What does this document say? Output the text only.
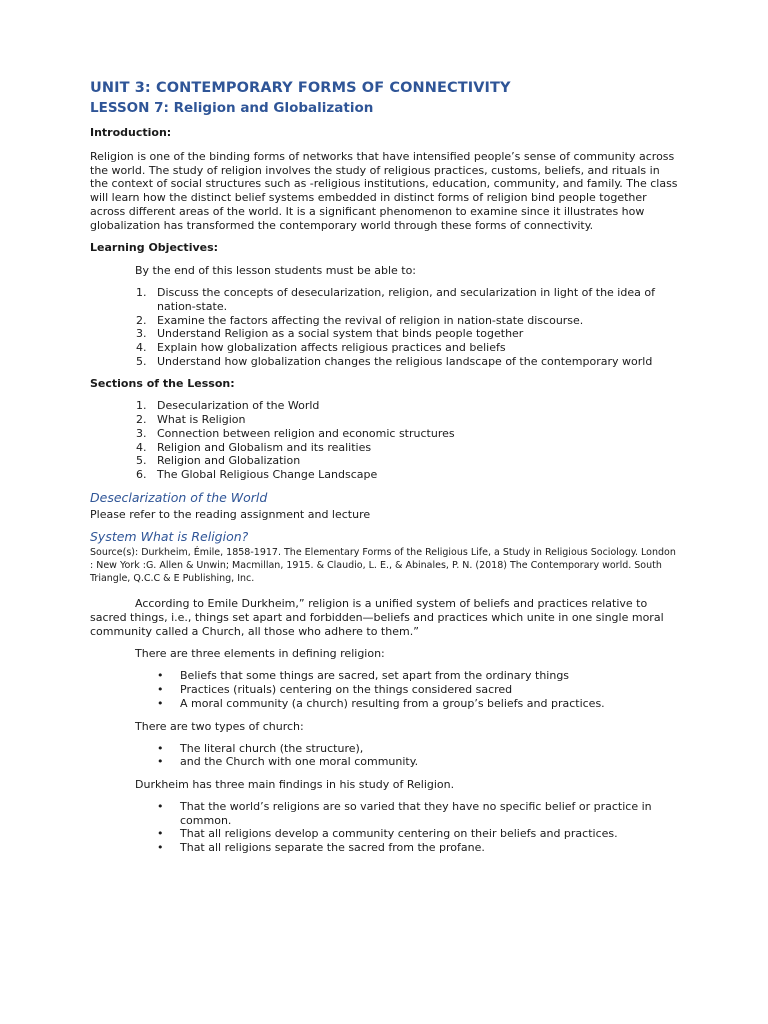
UNIT 3: CONTEMPORARY FORMS OF CONNECTIVITY
LESSON 7: Religion and Globalization
Introduction:

Religion is one of the binding forms of networks that have intensified people’s sense of community across the world. The study of religion involves the study of religious practices, customs, beliefs, and rituals in the context of social structures such as -religious institutions, education, community, and family. The class will learn how the distinct belief systems embedded in distinct forms of religion bind people together across different areas of the world. It is a significant phenomenon to examine since it illustrates how globalization has transformed the contemporary world through these forms of connectivity.

Learning Objectives:

By the end of this lesson students must be able to:

1. Discuss the concepts of desecularization, religion, and secularization in light of the idea of nation-state.
2. Examine the factors affecting the revival of religion in nation-state discourse.
3. Understand Religion as a social system that binds people together
4. Explain how globalization affects religious practices and beliefs
5. Understand how globalization changes the religious landscape of the contemporary world
Sections of the Lesson:
1. Desecularization of the World
2. What is Religion
3. Connection between religion and economic structures
4. Religion and Globalism and its realities
5. Religion and Globalization
6. The Global Religious Change Landscape
Deseclarization of the World

Please refer to the reading assignment and lecture

System What is Religion?

Source(s): Durkheim, Émile, 1858-1917. The Elementary Forms of the Religious Life, a Study in Religious Sociology. London : New York :G. Allen & Unwin; Macmillan, 1915. & Claudio, L. E., & Abinales, P. N. (2018) The Contemporary world. South Triangle, Q.C.C & E Publishing, Inc.

According to Emile Durkheim,” religion is a unified system of beliefs and practices relative to sacred things, i.e., things set apart and forbidden—beliefs and practices which unite in one single moral community called a Church, all those who adhere to them.”

There are three elements in defining religion:

• Beliefs that some things are sacred, set apart from the ordinary things
• Practices (rituals) centering on the things considered sacred
• A moral community (a church) resulting from a group’s beliefs and practices.

There are two types of church:

• The literal church (the structure),
• and the Church with one moral community.

Durkheim has three main findings in his study of Religion.

• That the world’s religions are so varied that they have no specific belief or practice in common.
• That all religions develop a community centering on their beliefs and practices.
• That all religions separate the sacred from the profane.
